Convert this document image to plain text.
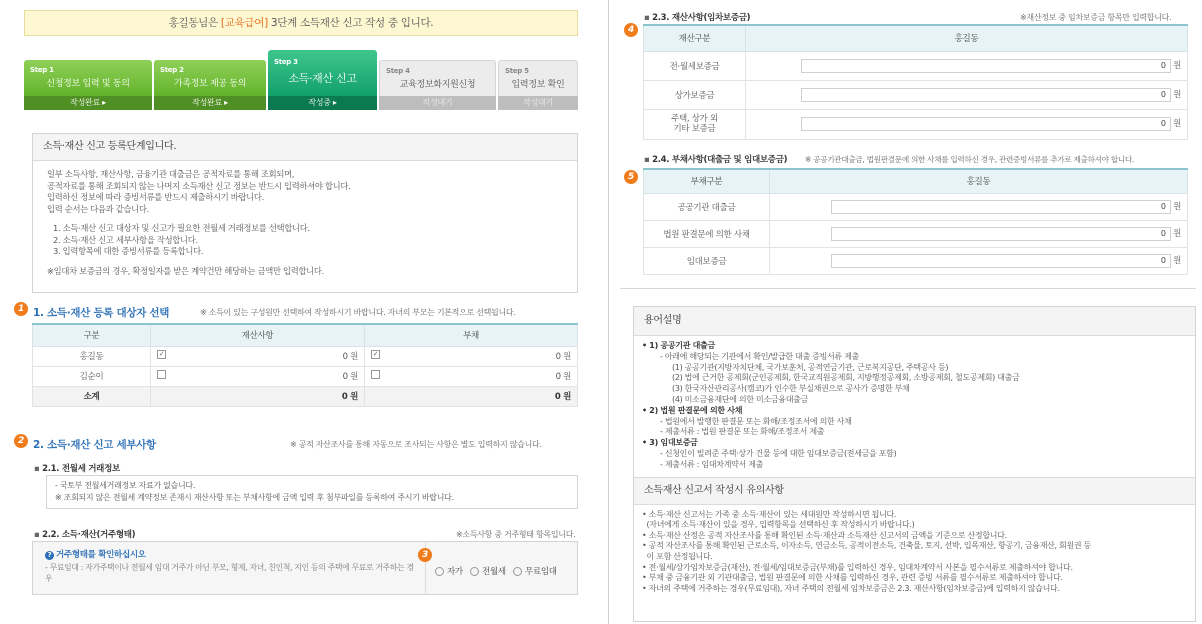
홍길동님은 [교육급여] 3단계 소득재산 신고 작성 중 입니다.
Step 1
신청정보 입력 및 동의
작성완료 ▸
Step 2
가족정보 제공 동의
작성완료 ▸
Step 3
소득·재산 신고
작성중 ▸
Step 4
교육정보화지원신청
작성대기
Step 5
입력정보 확인
작성대기
소득·재산 신고 등록단계입니다.
일부 소득사항, 재산사항, 금융기관 대출금은 공적자료를 통해 조회되며,
공적자료를 통해 조회되지 않는 나머지 소득재산 신고 정보는 반드시 입력하셔야 합니다.
입력하신 정보에 따라 증빙서류를 반드시 제출하시기 바랍니다.
입력 순서는 다음과 같습니다.
1. 소득·재산 신고 대상자 및 신고가 필요한 전월세 거래정보를 선택합니다.
2. 소득·재산 신고 세부사항을 작성합니다.
3. 입력항목에 대한 증빙서류를 등록합니다.
※임대차 보증금의 경우, 확정일자를 받은 계약건만 해당하는 금액만 입력합니다.
1 1. 소득·재산 등록 대상자 선택	※ 소득이 있는 구성원만 선택하여 작성하시기 바랍니다. 자녀의 부모는 기본적으로 선택됩니다.
구분	재산사항	부채
홍길동	✓ 0 원	✓ 0 원

김순이	0 원	0 원

소계	0 원	0 원
2 2. 소득·재산 신고 세부사항	※ 공적 자산조사를 통해 자동으로 조사되는 사항은 별도 입력하지 않습니다.
▪ 2.1. 전월세 거래정보
- 국토부 전월세거래정보 자료가 없습니다.
※ 조회되지 않은 전월세 계약정보 존재시 재산사항 또는 부채사항에 금액 입력 후 첨부파일를 등록하여 주시기 바랍니다.
▪ 2.2. 소득·재산(거주형태)	※소득사항 중 거주형태 항목입니다.
? 거주형태를 확인하십시오
- 무료임대 : 자가주택이나 전월세 임대 거주가 아닌 부모, 형제, 자녀, 친인척, 지인 등의 주택에 무료로 거주하는 경우
자가 전월세 무료임대
3
▪ 2.3. 재산사항(임차보증금)	※재산정보 중 임차보증금 항목만 입력합니다.
4
재산구분	홍길동
전·월세보증금	0 원

상가보증금	0 원

주택, 상가 외 기타 보증금	0 원
▪ 2.4. 부채사항(대출금 및 임대보증금) ※ 공공기관대출금, 법원판결문에 의한 사채를 입력하신 경우, 관련증빙서류를 추가로 제출하셔야 합니다.
5
부채구분	홍길동
공공기관 대출금	0 원

법원 판결문에 의한 사채	0 원

임대보증금	0 원
용어설명
• 1) 공공기관 대출금
- 아래에 해당되는 기관에서 확인/발급한 대출 증빙서류 제출
(1) 공공기관(지방자치단체, 국가보훈처, 공적연금기관, 근로복지공단, 주택공사 등)
(2) 법에 근거한 공제회(군인공제회, 한국교직원공제회, 지방행정공제회, 소방공제회, 철도공제회) 대출금
(3) 한국자산관리공사(캠코)가 인수한 부실채권으로 공사가 증명한 부채
(4) 미소금융재단에 의한 미소금융대출금
• 2) 법원 판결문에 의한 사채
- 법원에서 발행한 판결문 또는 화해/조정조서에 의한 사채
- 제출서류 : 법원 판결문 또는 화해/조정조서 제출
• 3) 임대보증금
- 신청인이 빌려준 주택·상가 건물 등에 대한 임대보증금(전세금을 포함)
- 제출서류 : 임대차계약서 제출
소득재산 신고서 작성시 유의사항
• 소득·재산 신고서는 가족 중 소득·재산이 있는 세대원만 작성하시면 됩니다.
(자녀에게 소득·재산이 있을 경우, 입력항목을 선택하신 후 작성하시기 바랍니다.)
• 소득·재산 산정은 공적 자산조사를 통해 확인된 소득·재산과 소득재산 신고서의 금액을 기준으로 산정합니다.
• 공적 자산조사를 통해 확인된 근로소득, 이자소득, 연금소득, 공적이전소득, 건축물, 토지, 선박, 입목재산, 항공기, 금융재산, 회원권 등
이 포함 산정됩니다.
• 전·월세/상가임차보증금(재산), 전·월세/임대보증금(부채)를 입력하신 경우, 임대차계약서 사본을 필수서류로 제출하셔야 합니다.
• 부채 중 금융기관 외 기관대출금, 법원 판결문에 의한 사채를 입력하신 경우, 관련 증빙 서류를 필수서류로 제출하셔야 합니다.
• 자녀의 주택에 거주하는 경우(무료임대), 자녀 주택의 전월세 임차보증금은 2.3. 재산사항(임차보증금)에 입력하지 않습니다.
